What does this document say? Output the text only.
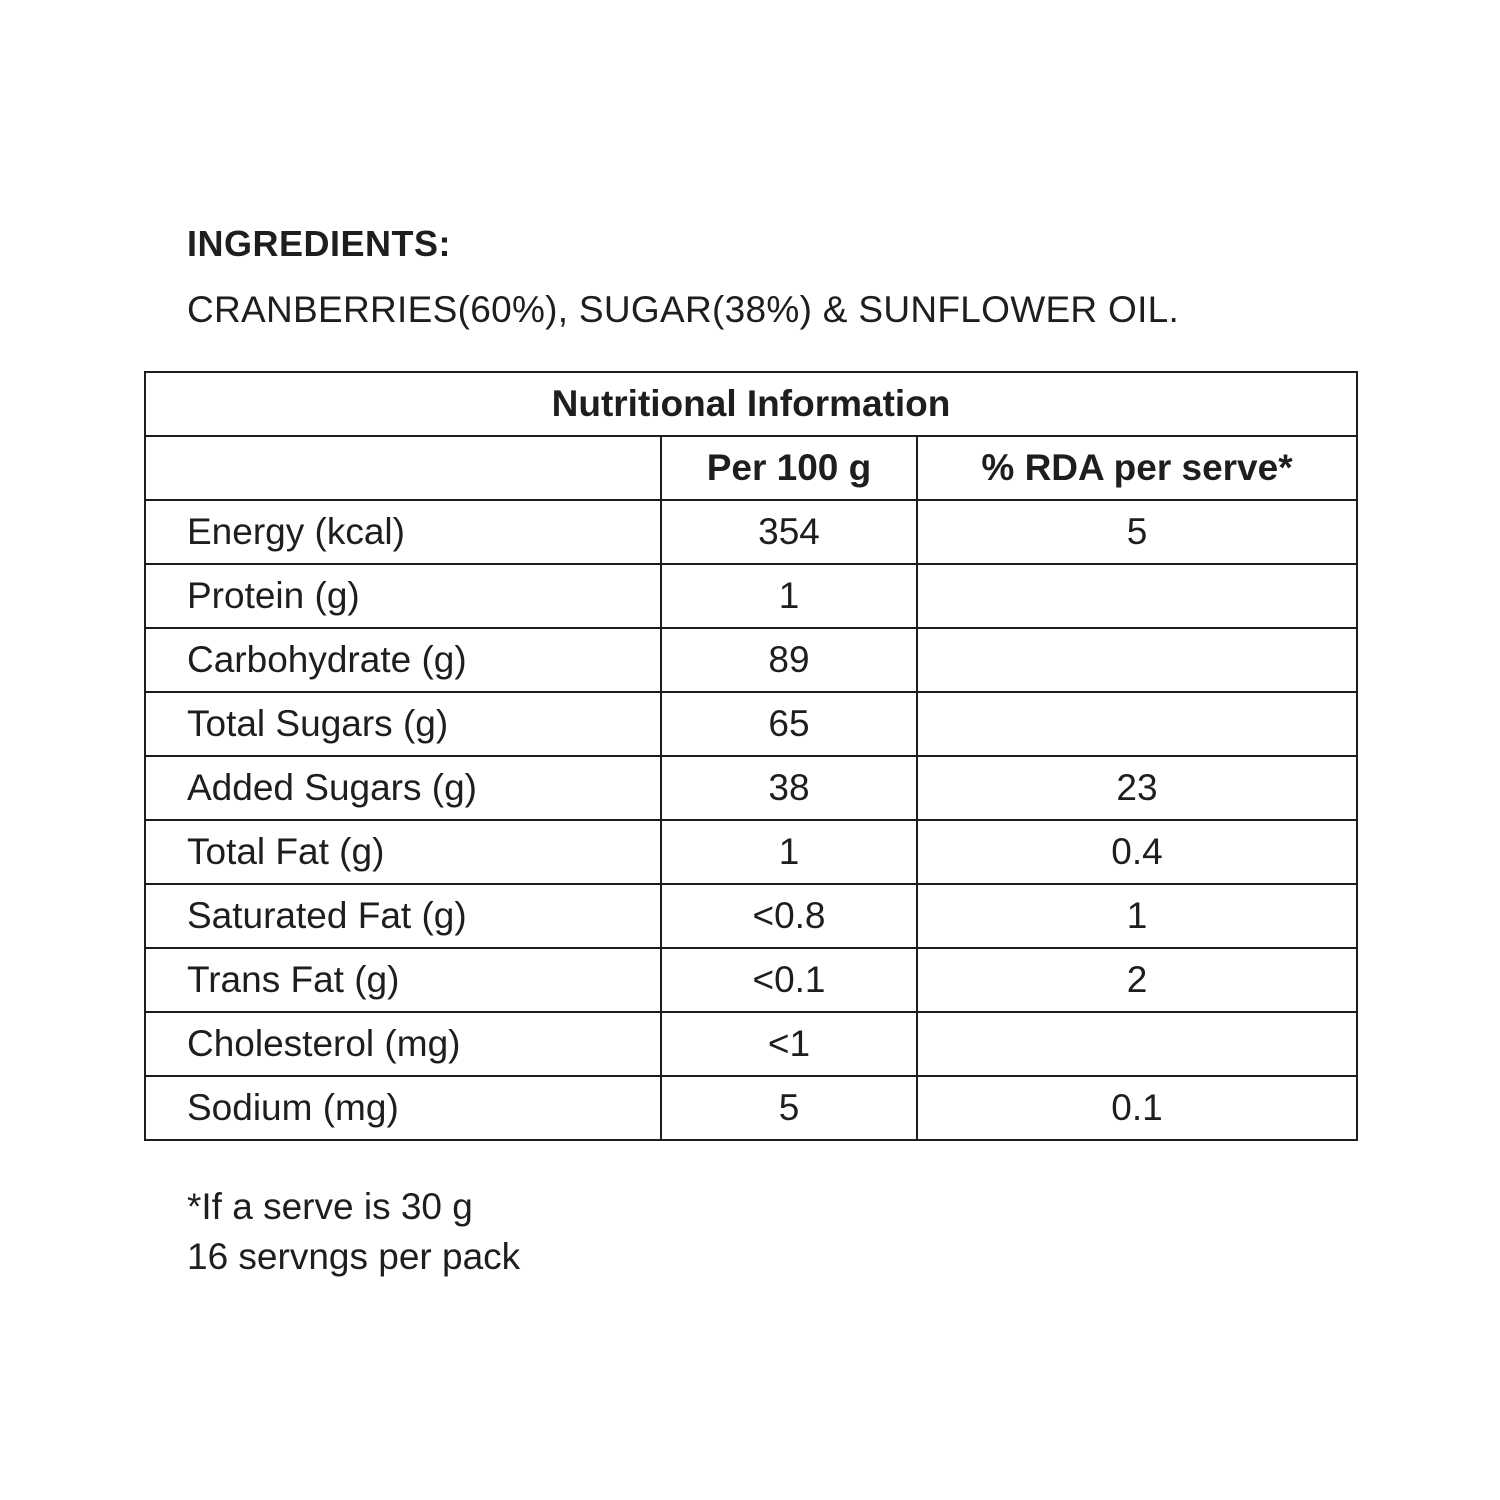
INGREDIENTS:

CRANBERRIES(60%), SUGAR(38%) & SUNFLOWER OIL.

Nutritional Information		
	Per 100 g	% RDA per serve*
Energy (kcal)	354	5
Protein (g)	1	
Carbohydrate (g)	89	
Total Sugars (g)	65	
Added Sugars (g)	38	23
Total Fat (g)	1	0.4
Saturated Fat (g)	<0.8	1
Trans Fat (g)	<0.1	2
Cholesterol (mg)	<1	
Sodium (mg)	5	0.1
*If a serve is 30 g
16 servngs per pack
